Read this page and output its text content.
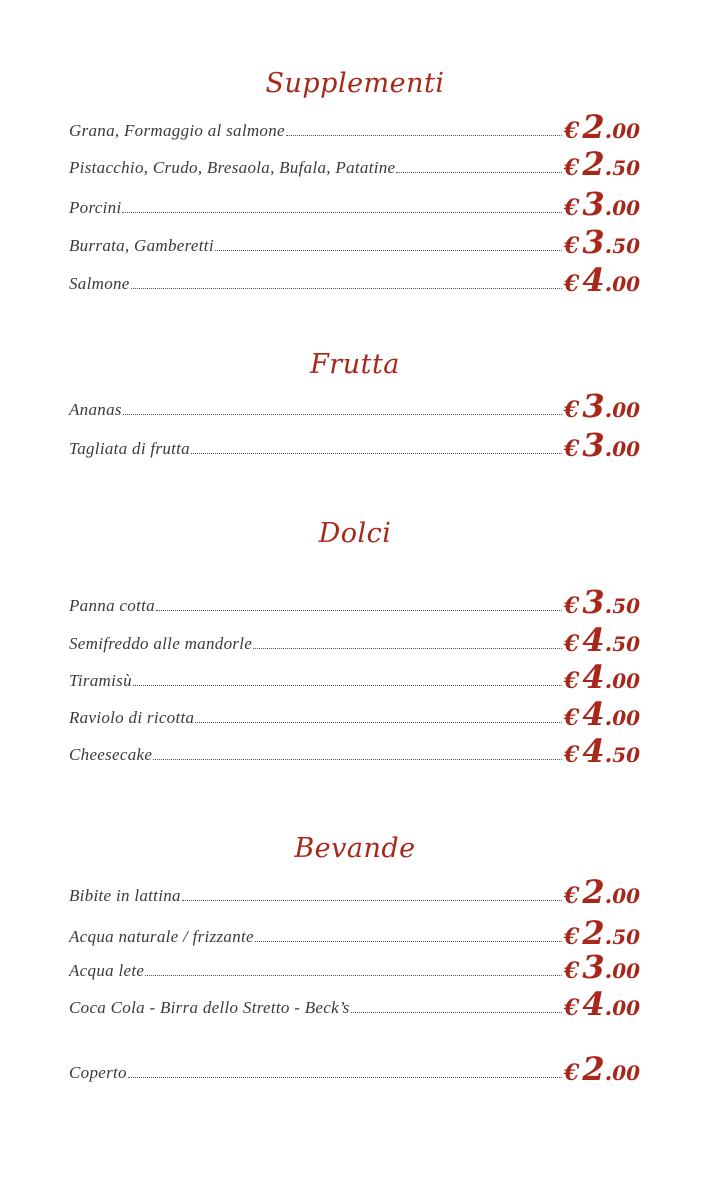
Supplementi
Grana, Formaggio al salmone	€2.00
Pistacchio, Crudo, Bresaola, Bufala, Patatine	€2.50
Porcini	€3.00
Burrata, Gamberetti	€3.50
Salmone	€4.00
Frutta
Ananas	€3.00
Tagliata di frutta	€3.00
Dolci
Panna cotta	€3.50
Semifreddo alle mandorle	€4.50
Tiramisù	€4.00
Raviolo di ricotta	€4.00
Cheesecake	€4.50
Bevande
Bibite in lattina	€2.00
Acqua naturale / frizzante	€2.50
Acqua lete	€3.00
Coca Cola - Birra dello Stretto - Beck’s	€4.00
Coperto	€2.00
